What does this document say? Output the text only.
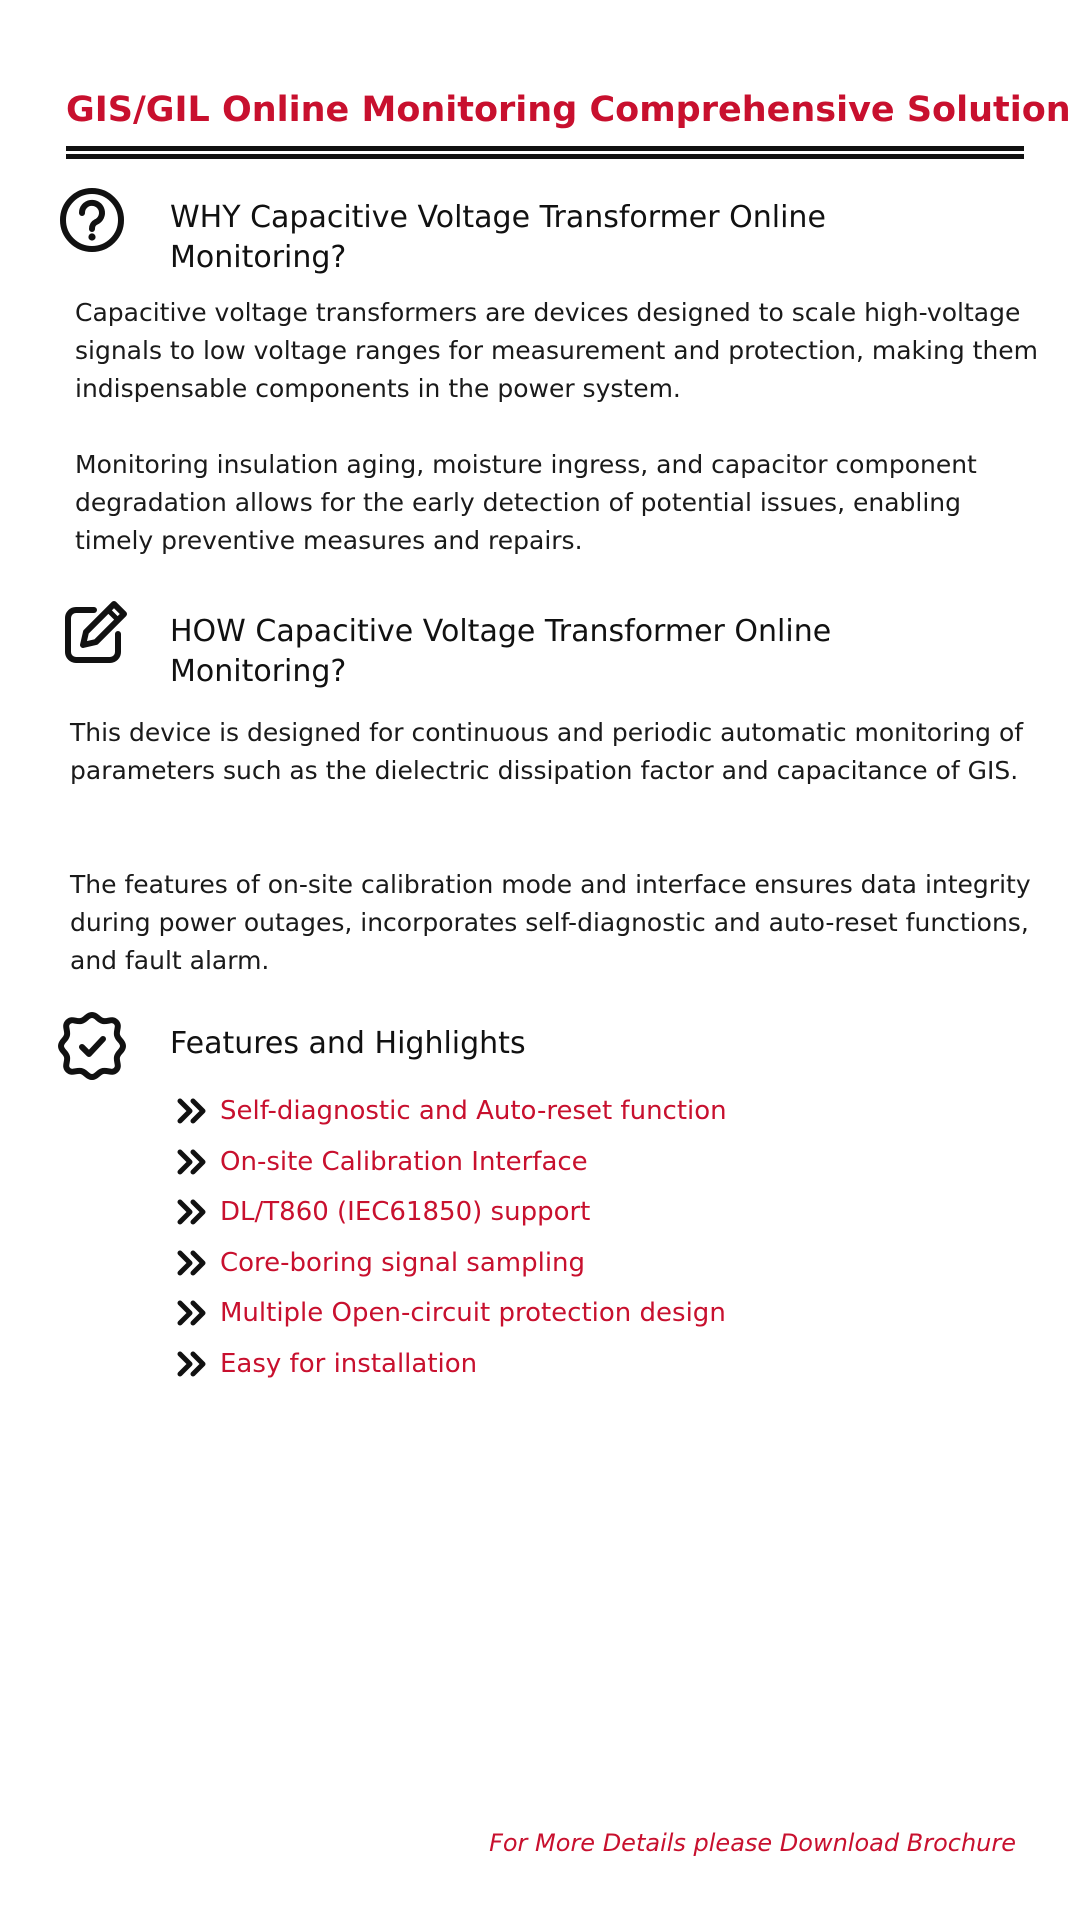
GIS/GIL Online Monitoring Comprehensive Solution
WHY Capacitive Voltage Transformer Online
Monitoring?
Capacitive voltage transformers are devices designed to scale high-voltage signals to low voltage ranges for measurement and protection, making them indispensable components in the power system.
Monitoring insulation aging, moisture ingress, and capacitor component degradation allows for the early detection of potential issues, enabling timely preventive measures and repairs.
HOW Capacitive Voltage Transformer Online
Monitoring?
This device is designed for continuous and periodic automatic monitoring of parameters such as the dielectric dissipation factor and capacitance of GIS.
The features of on-site calibration mode and interface ensures data integrity during power outages, incorporates self-diagnostic and auto-reset functions, and fault alarm.
Features and Highlights
Self-diagnostic and Auto-reset function
On-site Calibration Interface
DL/T860 (IEC61850) support
Core-boring signal sampling
Multiple Open-circuit protection design
Easy for installation
For More Details please Download Brochure
